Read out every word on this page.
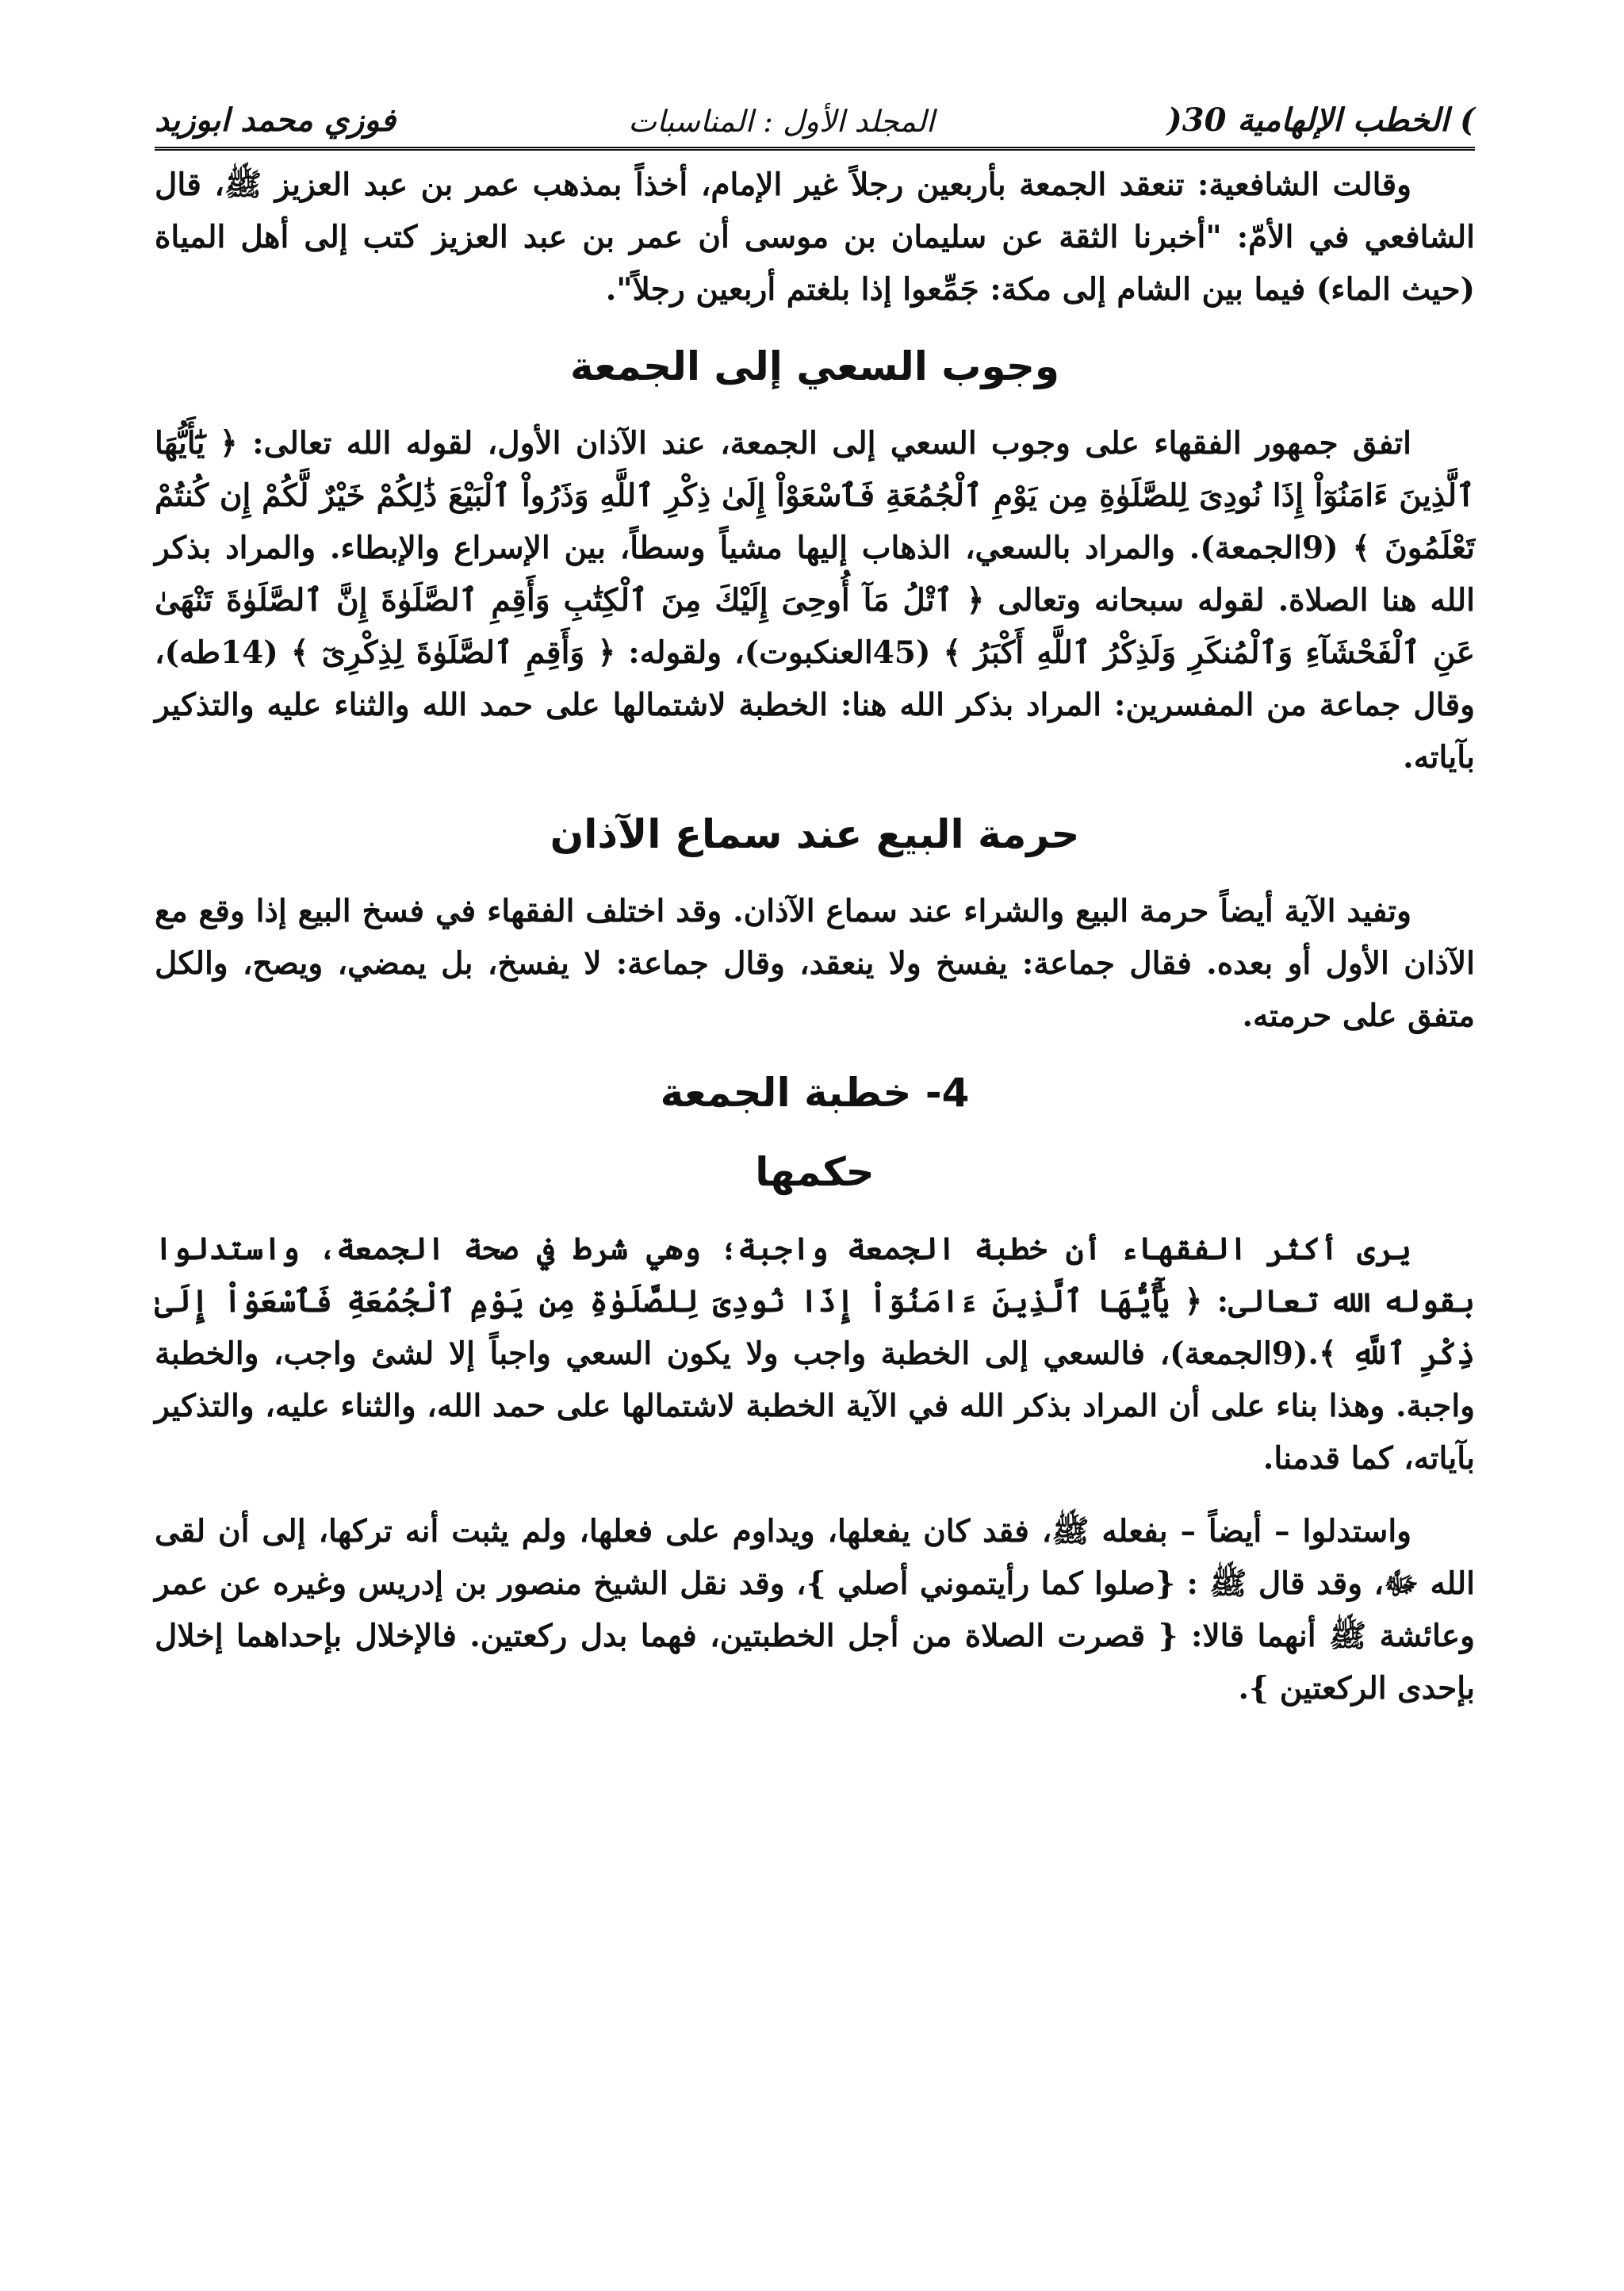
) الخطب الإلهامية 30(
المجلد الأول : المناسبات
فوزي محمد ابوزيد

وقالت الشافعية: تنعقد الجمعة بأربعين رجلاً غير الإمام، أخذاً بمذهب عمر بن عبد العزيز ﷺ، قال الشافعي في الأمّ: "أخبرنا الثقة عن سليمان بن موسى أن عمر بن عبد العزيز كتب إلى أهل المياة (حيث الماء) فيما بين الشام إلى مكة: جَمِّعوا إذا بلغتم أربعين رجلاً".

وجوب السعي إلى الجمعة

اتفق جمهور الفقهاء على وجوب السعي إلى الجمعة، عند الآذان الأول، لقوله الله تعالى: ﴿ يَٰٓأَيُّهَا ٱلَّذِينَ ءَامَنُوٓاْ إِذَا نُودِىَ لِلصَّلَوٰةِ مِن يَوْمِ ٱلْجُمُعَةِ فَٱسْعَوْاْ إِلَىٰ ذِكْرِ ٱللَّهِ وَذَرُواْ ٱلْبَيْعَ ذَٰلِكُمْ خَيْرٌ لَّكُمْ إِن كُنتُمْ تَعْلَمُونَ ﴾ (9الجمعة). والمراد بالسعي، الذهاب إليها مشياً وسطاً، بين الإسراع والإبطاء. والمراد بذكر الله هنا الصلاة. لقوله سبحانه وتعالى ﴿ ٱتْلُ مَآ أُوحِىَ إِلَيْكَ مِنَ ٱلْكِتَٰبِ وَأَقِمِ ٱلصَّلَوٰةَ إِنَّ ٱلصَّلَوٰةَ تَنْهَىٰ عَنِ ٱلْفَحْشَآءِ وَٱلْمُنكَرِ وَلَذِكْرُ ٱللَّهِ أَكْبَرُ ﴾ (45العنكبوت)، ولقوله: ﴿ وَأَقِمِ ٱلصَّلَوٰةَ لِذِكْرِىٓ ﴾ (14طه)، وقال جماعة من المفسرين: المراد بذكر الله هنا: الخطبة لاشتمالها على حمد الله والثناء عليه والتذكير بآياته.

حرمة البيع عند سماع الآذان

وتفيد الآية أيضاً حرمة البيع والشراء عند سماع الآذان. وقد اختلف الفقهاء في فسخ البيع إذا وقع مع الآذان الأول أو بعده. فقال جماعة: يفسخ ولا ينعقد، وقال جماعة: لا يفسخ، بل يمضي، ويصح، والكل متفق على حرمته.

4- خطبة الجمعة
حكمها

يرى أكثر الفقهاء أن خطبة الجمعة واجبة؛ وهي شرط في صحة الجمعة، واستدلوا بقوله الله تعالى: ﴿ يَٰٓأَيُّهَا ٱلَّذِينَ ءَامَنُوٓاْ إِذَا نُودِىَ لِلصَّلَوٰةِ مِن يَوْمِ ٱلْجُمُعَةِ فَٱسْعَوْاْ إِلَىٰ ذِكْرِ ٱللَّهِ ﴾.(9الجمعة)، فالسعي إلى الخطبة واجب ولا يكون السعي واجباً إلا لشئ واجب، والخطبة واجبة. وهذا بناء على أن المراد بذكر الله في الآية الخطبة لاشتمالها على حمد الله، والثناء عليه، والتذكير بآياته، كما قدمنا.

واستدلوا – أيضاً – بفعله ﷺ، فقد كان يفعلها، ويداوم على فعلها، ولم يثبت أنه تركها، إلى أن لقى الله ﷻ، وقد قال ﷺ : {صلوا كما رأيتموني أصلي }، وقد نقل الشيخ منصور بن إدريس وغيره عن عمر وعائشة ﷺ أنهما قالا: { قصرت الصلاة من أجل الخطبتين، فهما بدل ركعتين. فالإخلال بإحداهما إخلال بإحدى الركعتين }.
